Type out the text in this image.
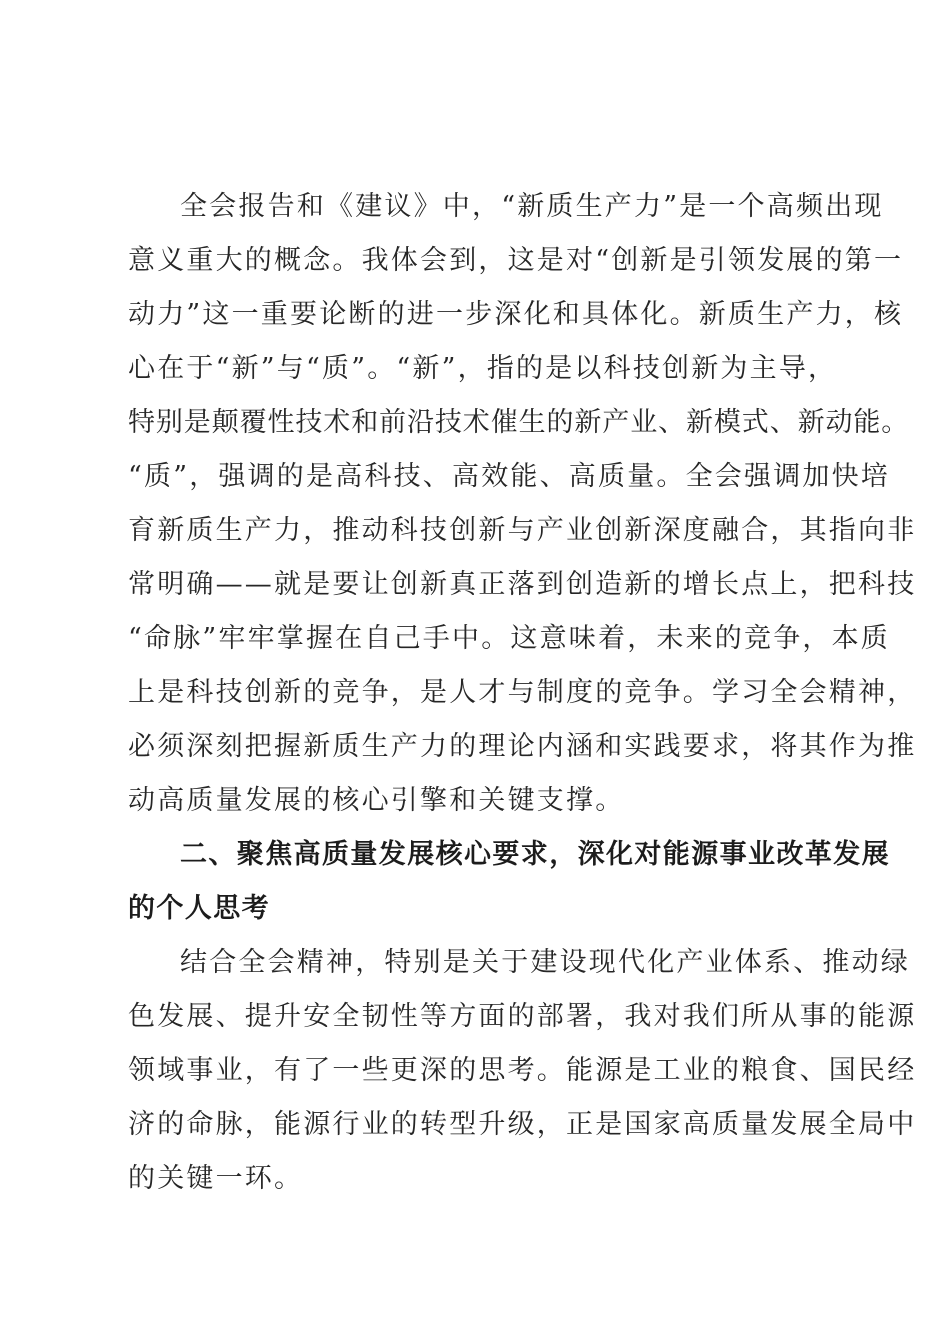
全会报告和《建议》中，“新质生产力”是一个高频出现
意义重大的概念。我体会到，这是对“创新是引领发展的第一
动力”这一重要论断的进一步深化和具体化。新质生产力，核
心在于“新”与“质”。“新”，指的是以科技创新为主导，
特别是颠覆性技术和前沿技术催生的新产业、新模式、新动能。
“质”，强调的是高科技、高效能、高质量。全会强调加快培
育新质生产力，推动科技创新与产业创新深度融合，其指向非
常明确——就是要让创新真正落到创造新的增长点上，把科技
“命脉”牢牢掌握在自己手中。这意味着，未来的竞争，本质
上是科技创新的竞争，是人才与制度的竞争。学习全会精神，
必须深刻把握新质生产力的理论内涵和实践要求，将其作为推
动高质量发展的核心引擎和关键支撑。
二、聚焦高质量发展核心要求，深化对能源事业改革发展
的个人思考
结合全会精神，特别是关于建设现代化产业体系、推动绿
色发展、提升安全韧性等方面的部署，我对我们所从事的能源
领域事业，有了一些更深的思考。能源是工业的粮食、国民经
济的命脉，能源行业的转型升级，正是国家高质量发展全局中
的关键一环。
